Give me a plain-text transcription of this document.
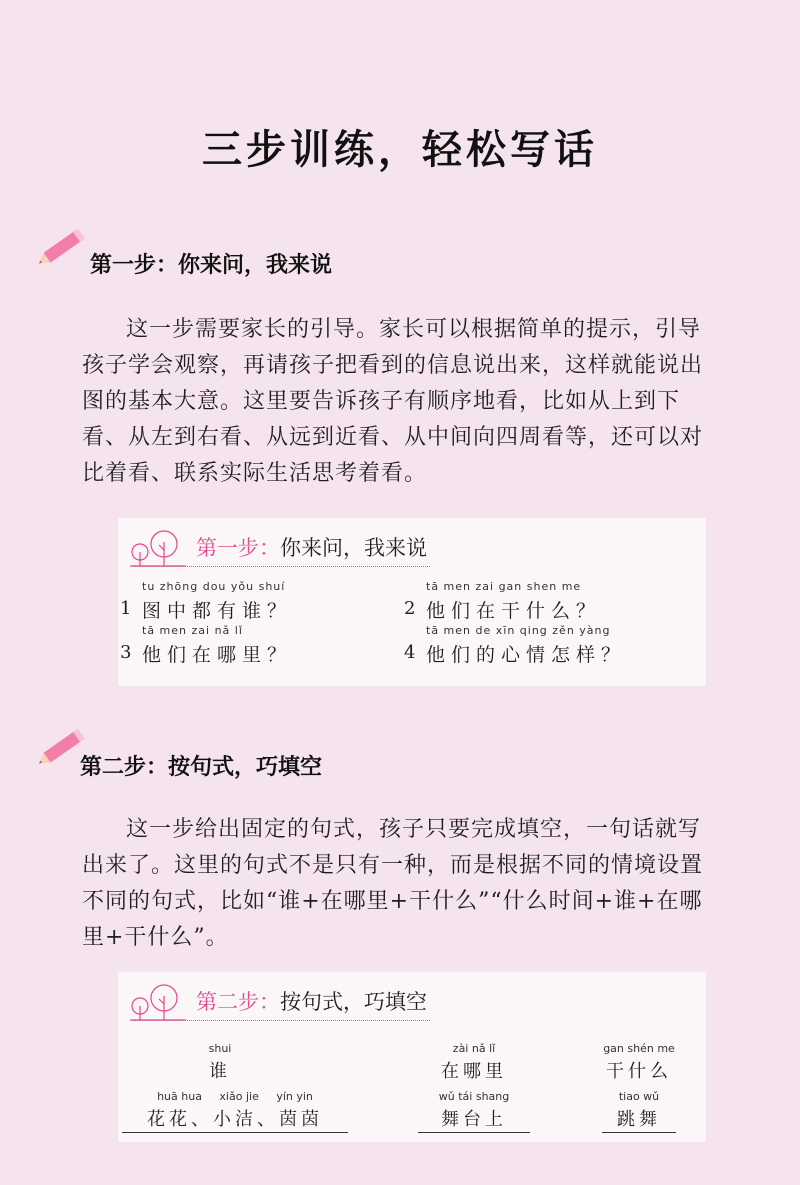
三步训练，轻松写话
第一步：你来问，我来说
这一步需要家长的引导。家长可以根据简单的提示，引导孩子学会观察，再请孩子把看到的信息说出来，这样就能说出图的基本大意。这里要告诉孩子有顺序地看，比如从上到下看、从左到右看、从远到近看、从中间向四周看等，还可以对比着看、联系实际生活思考着看。
第一步：你来问，我来说
tu zhōng dou yǒu shuí
1 图中都有谁？
tā men zai gan shen me
2 他们在干什么？
tā men zai nǎ lǐ
3 他们在哪里？
tā men de xīn qing zěn yàng
4 他们的心情怎样？
第二步：按句式，巧填空
这一步给出固定的句式，孩子只要完成填空，一句话就写出来了。这里的句式不是只有一种，而是根据不同的情境设置不同的句式，比如“谁+在哪里+干什么”“什么时间+谁+在哪里+干什么”。
第二步：按句式，巧填空
shui
谁
zài nǎ lǐ
在哪里
gan shén me
干什么
huā hua     xiǎo jie     yín yin
花花、小洁、茵茵
wǔ tái shang
舞台上
tiao wǔ
跳舞
